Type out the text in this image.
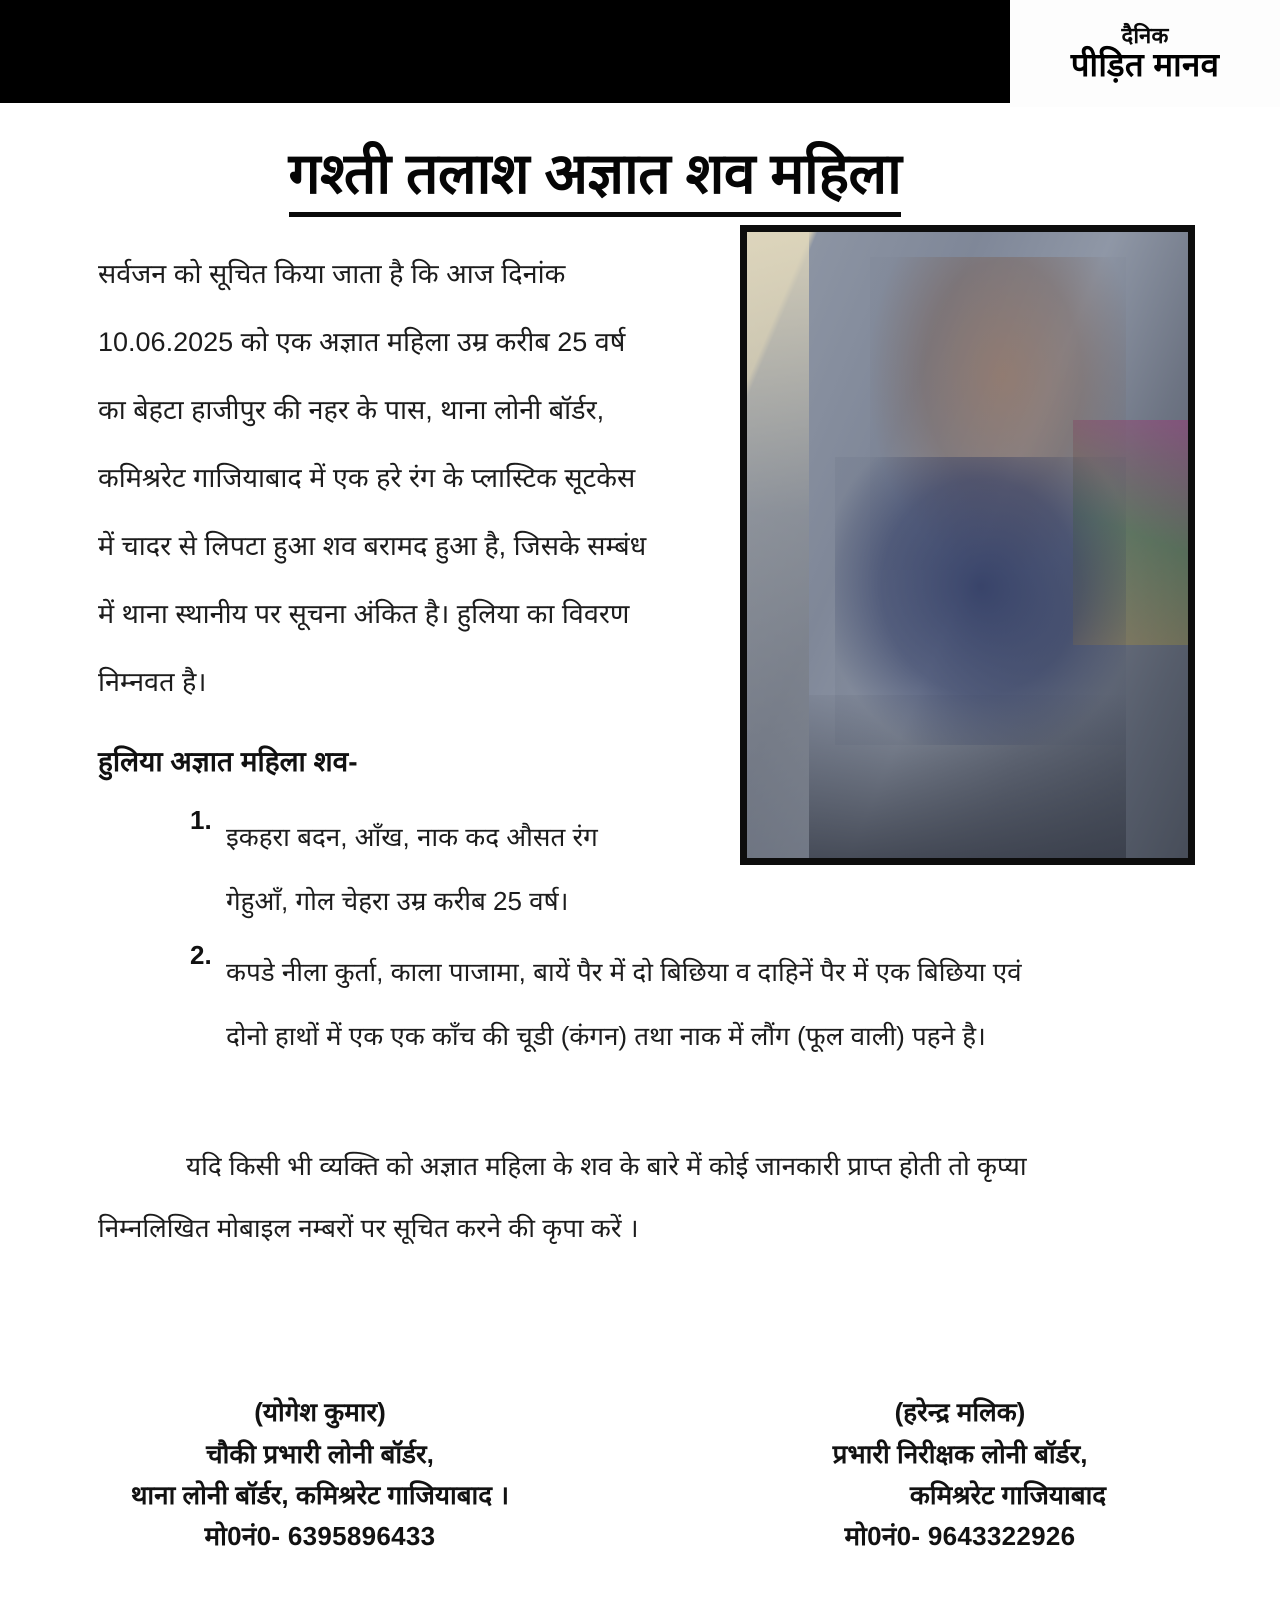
दैनिक
पीड़ित मानव
गश्ती तलाश अज्ञात शव महिला

सर्वजन को सूचित किया जाता है कि आज दिनांक
10.06.2025 को एक अज्ञात महिला उम्र करीब 25 वर्ष
का बेहटा हाजीपुर की नहर के पास, थाना लोनी बॉर्डर,
कमिश्ररेट गाजियाबाद में एक हरे रंग के प्लास्टिक सूटकेस
में चादर से लिपटा हुआ शव बरामद हुआ है, जिसके सम्बंध
में थाना स्थानीय पर सूचना अंकित है। हुलिया का विवरण
निम्नवत है।

हुलिया अज्ञात महिला शव-
1.
इकहरा बदन, आँख, नाक कद औसत रंग
गेहुआँ, गोल चेहरा उम्र करीब 25 वर्ष।
2.
कपडे नीला कुर्ता, काला पाजामा, बायें पैर में दो बिछिया व दाहिनें पैर में एक बिछिया एवं
दोनो हाथों में एक एक काँच की चूडी (कंगन) तथा नाक में लौंग (फूल वाली) पहने है।
यदि किसी भी व्यक्ति को अज्ञात महिला के शव के बारे में कोई जानकारी प्राप्त होती तो कृप्या
निम्नलिखित मोबाइल नम्बरों पर सूचित करने की कृपा करें ।
(योगेश कुमार)
चौकी प्रभारी लोनी बॉर्डर,
थाना लोनी बॉर्डर, कमिश्ररेट गाजियाबाद ।
मो0नं0- 6395896433
(हरेन्द्र मलिक)
प्रभारी निरीक्षक लोनी बॉर्डर,
कमिश्ररेट गाजियाबाद
मो0नं0- 9643322926
